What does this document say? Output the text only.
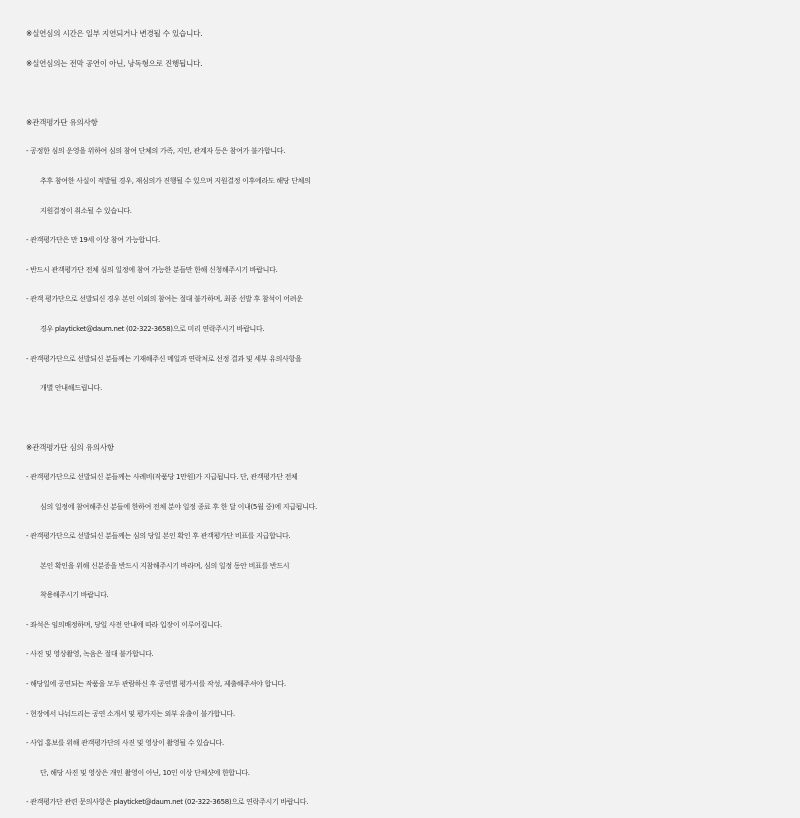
※실연심의 시간은 일부 지연되거나 변경될 수 있습니다.
※실연심의는 전막 공연이 아닌, 낭독형으로 진행됩니다.
※관객평가단 유의사항
- 공정한 심의 운영을 위하여 심의 참여 단체의 가족, 지인, 관계자 등은 참여가 불가합니다.
추후 참여한 사실이 적발될 경우, 재심의가 진행될 수 있으며 지원결정 이후에라도 해당 단체의
지원결정이 취소될 수 있습니다.
- 관객평가단은 만 19세 이상 참여 가능합니다.
- 반드시 관객평가단 전체 심의 일정에 참여 가능한 분들만 한해 신청해주시기 바랍니다.
- 관객 평가단으로 선발되신 경우 본인 이외의 참여는 절대 불가하며, 최종 선발 후 참석이 어려운
경우 playticket@daum.net (02-322-3658)으로 미리 연락주시기 바랍니다.
- 관객평가단으로 선발되신 분들께는 기재해주신 메일과 연락처로 선정 결과 및 세부 유의사항을
개별 안내해드립니다.
※관객평가단 심의 유의사항
- 관객평가단으로 선발되신 분들께는 사례비(작품당 1만원)가 지급됩니다. 단, 관객평가단 전체
심의 일정에 참여해주신 분들에 한하여 전체 분야 일정 종료 후 한 달 이내(5월 중)에 지급됩니다.
- 관객평가단으로 선발되신 분들께는 심의 당일 본인 확인 후 관객평가단 비표를 지급합니다.
본인 확인을 위해 신분증을 반드시 지참해주시기 바라며, 심의 일정 동안 비표를 반드시
착용해주시기 바랍니다.
- 좌석은 임의배정하며, 당일 사전 안내에 따라 입장이 이루어집니다.
- 사진 및 영상촬영, 녹음은 절대 불가합니다.
- 해당일에 공연되는 작품을 모두 관람하신 후 공연별 평가서를 작성, 제출해주셔야 합니다.
- 현장에서 나눠드리는 공연 소개서 및 평가지는 외부 유출이 불가합니다.
- 사업 홍보를 위해 관객평가단의 사진 및 영상이 촬영될 수 있습니다.
단, 해당 사진 및 영상은 개인 촬영이 아닌, 10인 이상 단체샷에 한합니다.
- 관객평가단 관련 문의사항은 playticket@daum.net (02-322-3658)으로 연락주시기 바랍니다.
